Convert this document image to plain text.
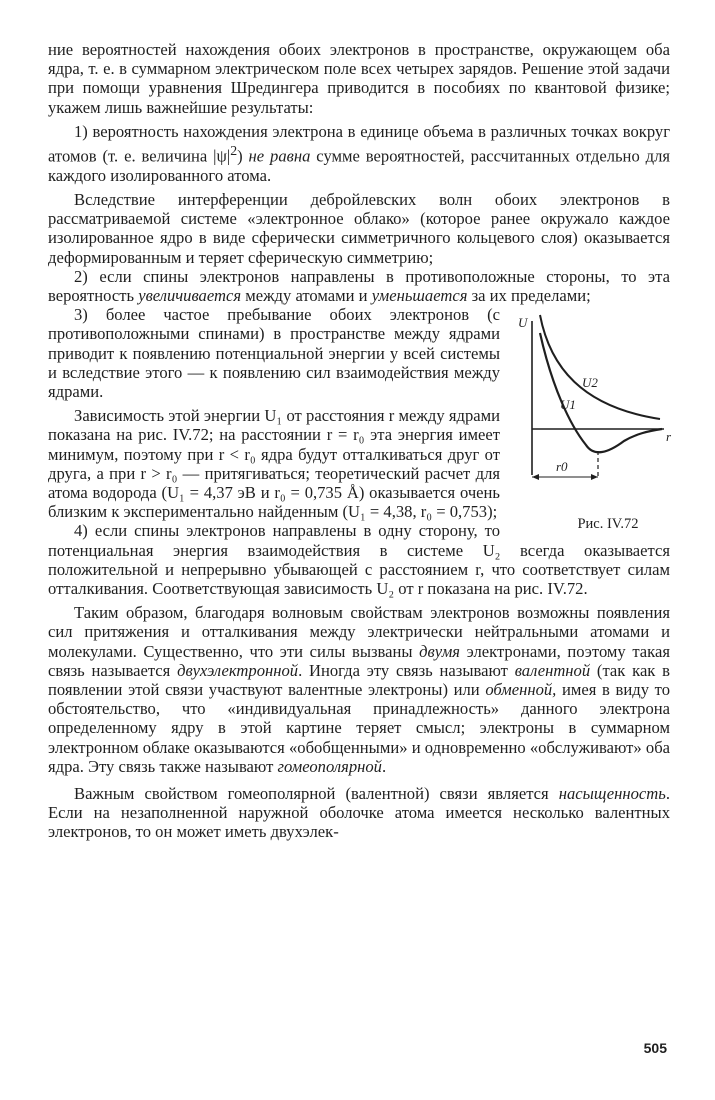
ние вероятностей нахождения обоих электронов в пространстве, окружающем оба ядра, т. е. в суммарном электрическом поле всех четырех зарядов. Решение этой задачи при помощи уравнения Шредингера приводится в пособиях по квантовой физике; укажем лишь важнейшие результаты:

1) вероятность нахождения электрона в единице объема в различных точках вокруг атомов (т. е. величина $|\psi|^2$) не равна сумме вероятностей, рассчитанных отдельно для каждого изолированного атома.

Вследствие интерференции дебройлевских волн обоих электронов в рассматриваемой системе «электронное облако» (которое ранее окружало каждое изолированное ядро в виде сферически симметричного кольцевого слоя) оказывается деформированным и теряет сферическую симметрию;

2) если спины электронов направлены в противоположные стороны, то эта вероятность увеличивается между атомами и уменьшается за их пределами;

U
r
U2
U1
r0
Рис. IV.72

3) более частое пребывание обоих электронов (с противоположными спинами) в пространстве между ядрами приводит к появлению потенциальной энергии у всей системы и вследствие этого — к появлению сил взаимодействия между ядрами.

Зависимость этой энергии U₁ от расстояния r между ядрами показана на рис. IV.72; на расстоянии r = r₀ эта энергия имеет минимум, поэтому при r < r₀ ядра будут отталкиваться друг от друга, а при r > r₀ — притягиваться; теоретический расчет для атома водорода (U₁ = 4,37 эВ и r₀ = 0,735 Å) оказывается очень близким к экспериментально найденным (U₁ = 4,38, r₀ = 0,753);

4) если спины электронов направлены в одну сторону, то потенциальная энергия взаимодействия в системе U₂ всегда оказывается положительной и непрерывно убывающей с расстоянием r, что соответствует силам отталкивания. Соответствующая зависимость U₂ от r показана на рис. IV.72.

Таким образом, благодаря волновым свойствам электронов возможны появления сил притяжения и отталкивания между электрически нейтральными атомами и молекулами. Существенно, что эти силы вызваны двумя электронами, поэтому такая связь называется двухэлектронной. Иногда эту связь называют валентной (так как в появлении этой связи участвуют валентные электроны) или обменной, имея в виду то обстоятельство, что «индивидуальная принадлежность» данного электрона определенному ядру в этой картине теряет смысл; электроны в суммарном электронном облаке оказываются «обобщенными» и одновременно «обслуживают» оба ядра. Эту связь также называют гомеополярной.

Важным свойством гомеополярной (валентной) связи является насыщенность. Если на незаполненной наружной оболочке атома имеется несколько валентных электронов, то он может иметь двухэлек-

505
